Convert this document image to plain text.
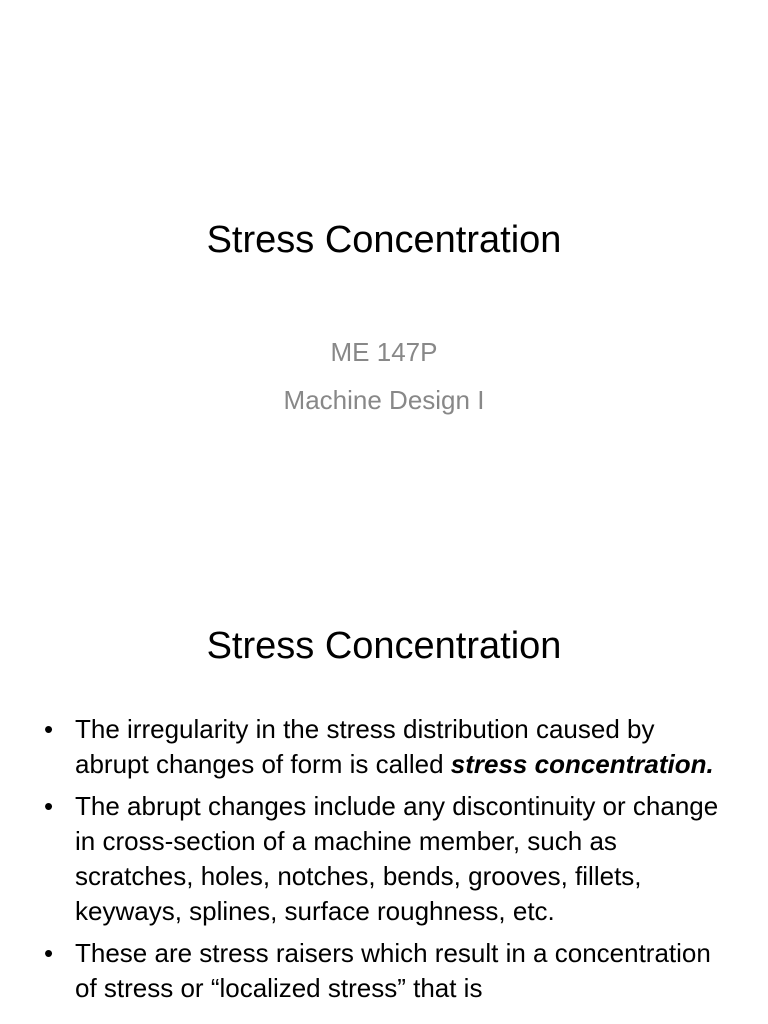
Stress Concentration
ME 147P
Machine Design I
Stress Concentration
• The irregularity in the stress distribution caused by abrupt changes of form is called stress concentration.
• The abrupt changes include any discontinuity or change in cross-section of a machine member, such as scratches, holes, notches, bends, grooves, fillets, keyways, splines, surface roughness, etc.
• These are stress raisers which result in a concentration of stress or “localized stress” that is
